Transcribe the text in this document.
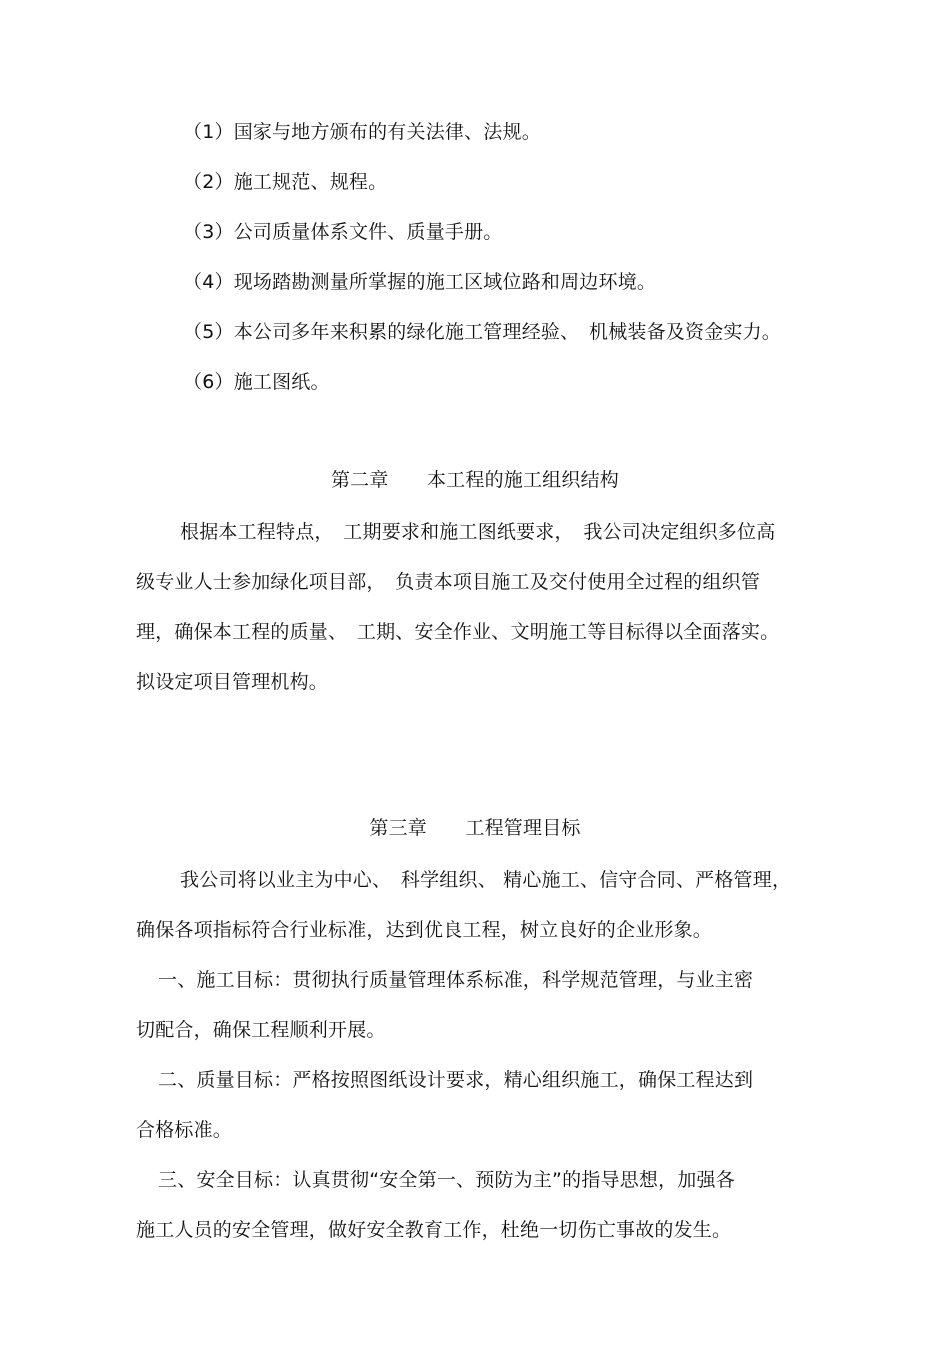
（1）国家与地方颁布的有关法律、法规。
（2）施工规范、规程。
（3）公司质量体系文件、质量手册。
（4）现场踏勘测量所掌握的施工区域位路和周边环境。
（5）本公司多年来积累的绿化施工管理经验、　机械装备及资金实力。
（6）施工图纸。
第二章　　本工程的施工组织结构
根据本工程特点，　工期要求和施工图纸要求，　我公司决定组织多位高
级专业人士参加绿化项目部，　负责本项目施工及交付使用全过程的组织管
理，确保本工程的质量、　工期、安全作业、文明施工等目标得以全面落实。
拟设定项目管理机构。
第三章　　工程管理目标
我公司将以业主为中心、　科学组织、 精心施工、信守合同、严格管理，
确保各项指标符合行业标准，达到优良工程，树立良好的企业形象。
一、施工目标：贯彻执行质量管理体系标准，科学规范管理，与业主密
切配合，确保工程顺利开展。
二、质量目标：严格按照图纸设计要求，精心组织施工，确保工程达到
合格标准。
三、安全目标：认真贯彻“安全第一、预防为主”的指导思想，加强各
施工人员的安全管理，做好安全教育工作，杜绝一切伤亡事故的发生。
